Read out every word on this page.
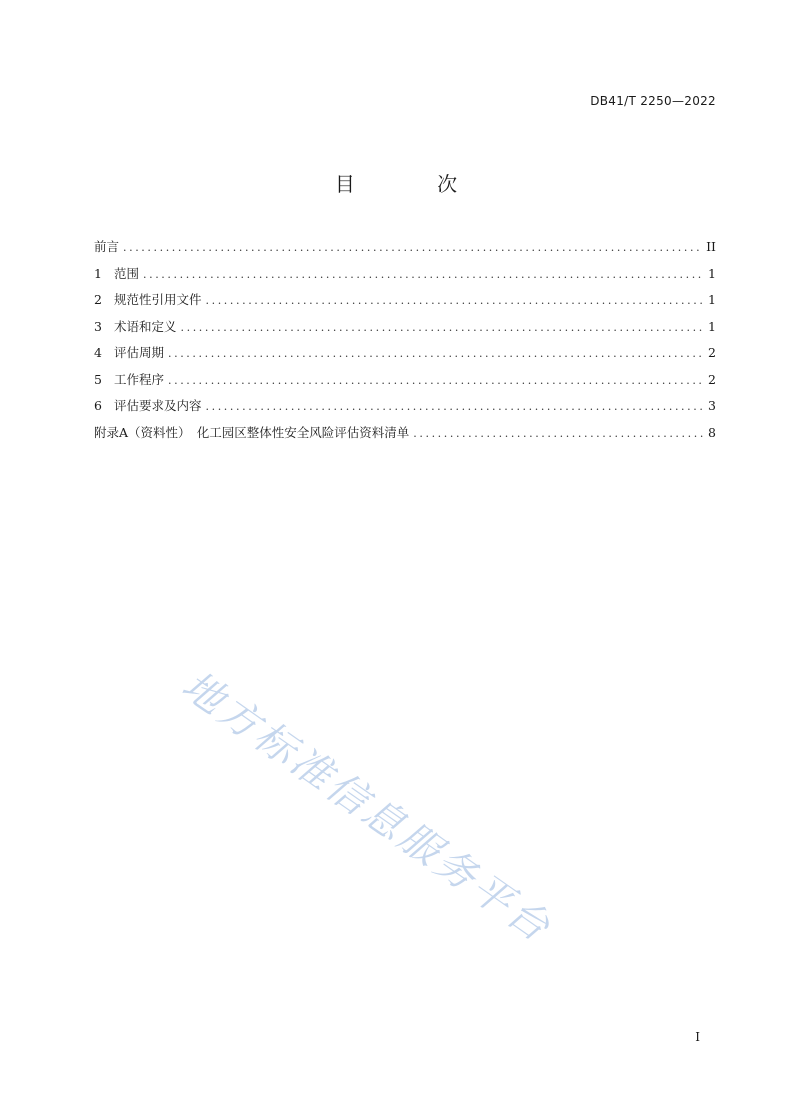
DB41/T 2250—2022
目 次
前言 .....	II
1 范围 .....	1
2 规范性引用文件 .....	1
3 术语和定义 .....	1
4 评估周期 .....	2
5 工作程序 .....	2
6 评估要求及内容 .....	3
附录A（资料性）　化工园区整体性安全风险评估资料清单 .....	8
地方标准信息服务平台
I
